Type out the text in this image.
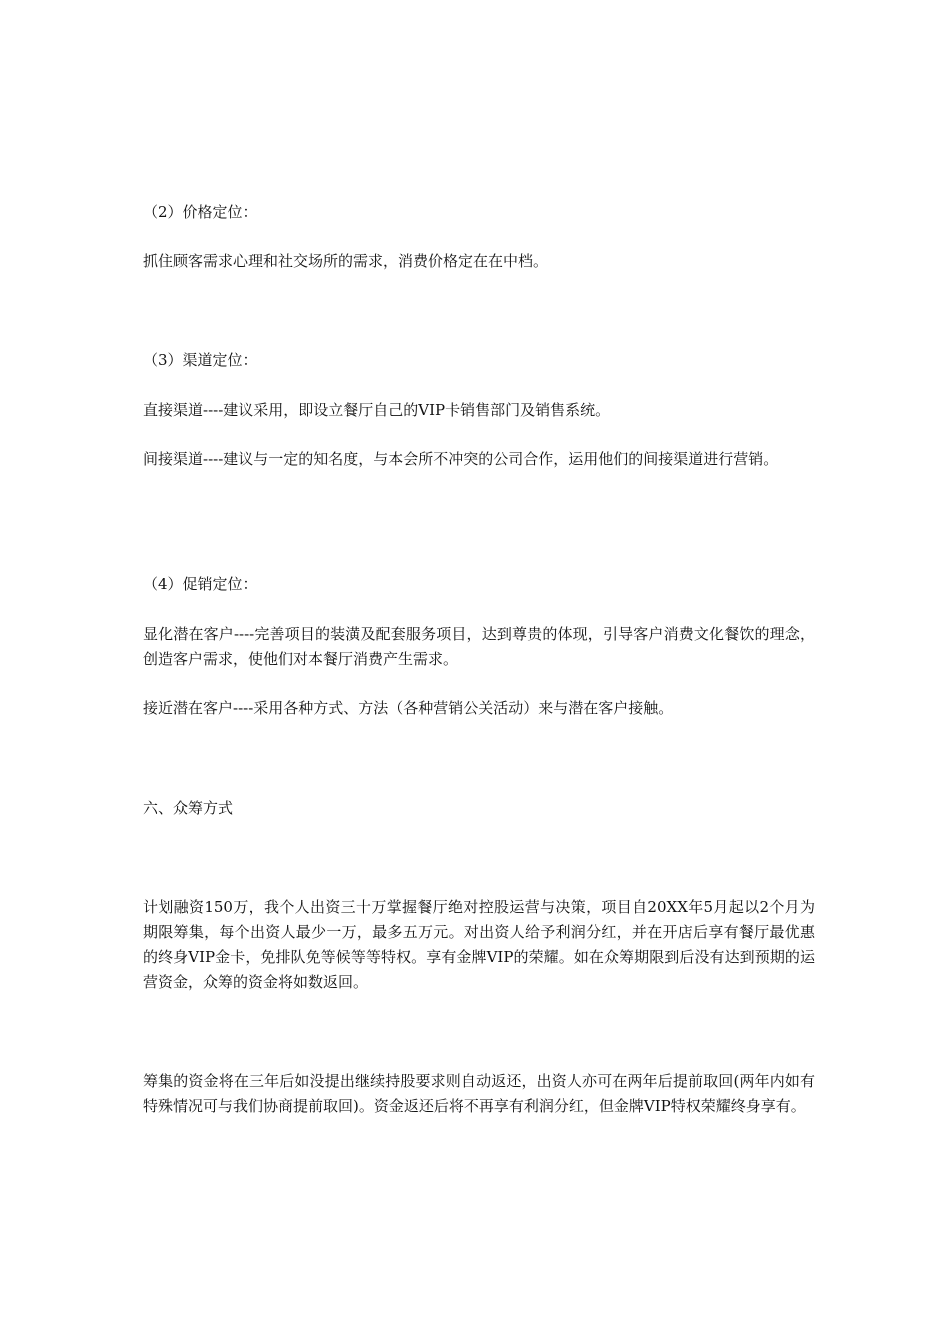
（2）价格定位：
抓住顾客需求心理和社交场所的需求，消费价格定在在中档。
（3）渠道定位：
直接渠道----建议采用，即设立餐厅自己的VIP卡销售部门及销售系统。
间接渠道----建议与一定的知名度，与本会所不冲突的公司合作，运用他们的间接渠道进行营销。
（4）促销定位：
显化潜在客户----完善项目的装潢及配套服务项目，达到尊贵的体现，引导客户消费文化餐饮的理念，创造客户需求，使他们对本餐厅消费产生需求。
接近潜在客户----采用各种方式、方法（各种营销公关活动）来与潜在客户接触。
六、众筹方式
计划融资150万，我个人出资三十万掌握餐厅绝对控股运营与决策，项目自20XX年5月起以2个月为期限筹集，每个出资人最少一万，最多五万元。对出资人给予利润分红，并在开店后享有餐厅最优惠的终身VIP金卡，免排队免等候等等特权。享有金牌VIP的荣耀。如在众筹期限到后没有达到预期的运营资金，众筹的资金将如数返回。
筹集的资金将在三年后如没提出继续持股要求则自动返还，出资人亦可在两年后提前取回(两年内如有特殊情况可与我们协商提前取回)。资金返还后将不再享有利润分红，但金牌VIP特权荣耀终身享有。
